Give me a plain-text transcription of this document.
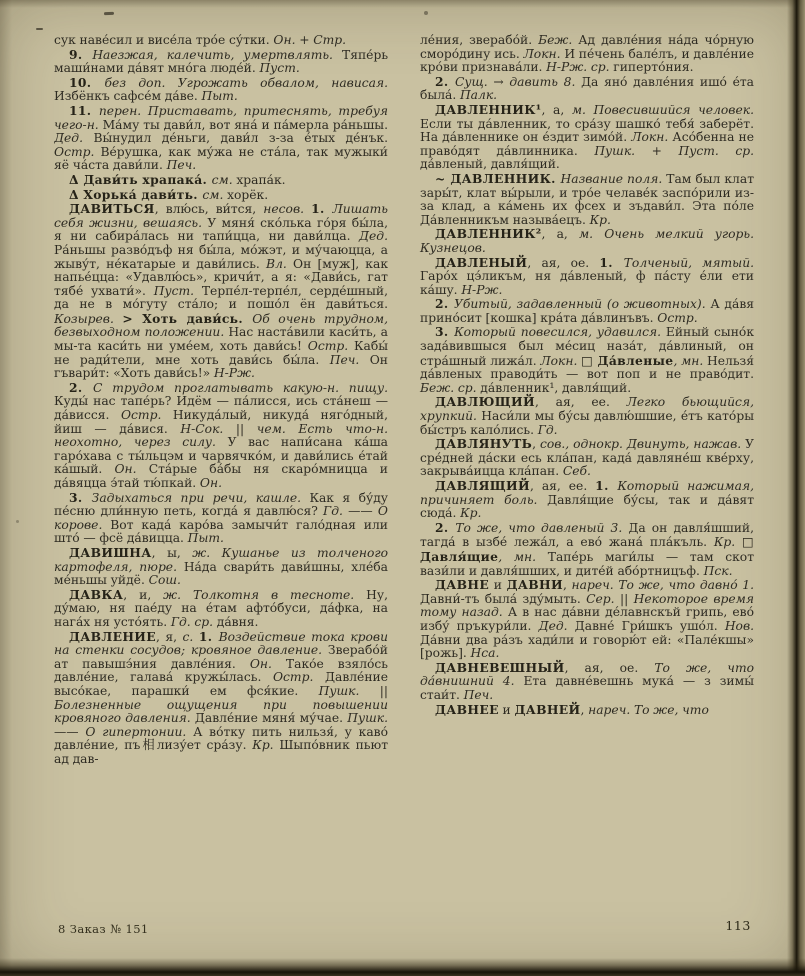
сук наве́сил и висе́ла тро́е су́тки. Он. + Стр.

9. Наезжая, калечить, умертвлять. Тяпе́рь маши́нами да́вят мно́га люде́й. Пуст.

10. без доп. Угрожать обвалом, нависая. Избёнкъ сафсе́м да́ве. Пыт.

11. перен. Приставать, притеснять, требуя чего-н. Ма́му ты дави́л, вот яна́ и па́мерла ра́ньшы. Дед. Вы́нудил де́ньги, дави́л з-за е́тых де́нък. Остр. Ве́рушка, как му́жа не ста́ла, так мужыки́ яё ча́ста дави́ли. Печ.

Δ Дави́ть храпака́. см. храпа́к.

Δ Хорька́ дави́ть. см. хорёк.

ДАВИТЬСЯ, влю́сь, ви́тся, несов. 1. Лишать себя жизни, вешаясь. У мяня́ ско́лька го́ря бы́ла, я ни сабира́лась ни тапи́цца, ни дави́лца. Дед. Ра́ньшы разво́дъф ня бы́ла, мо́жэт, и му́чаюцца, а жыву́т, не́катарые и дави́лись. Вл. Он [муж], как напье́цца: «Удавлю́сь», кричи́т, а я: «Дави́сь, гат тябе́ ухвати́». Пуст. Терпе́л-терпе́л, серде́шный, да не в мо́гуту ста́ло; и пошо́л ён дави́ться. Козырев. > Хоть дави́сь. Об очень трудном, безвыходном положении. Нас наста́вили каси́ть, а мы-та каси́ть ни уме́ем, хоть дави́сь! Остр. Кабы́ не ради́тели, мне хоть дави́сь бы́ла. Печ. Он гъвари́т: «Хоть дави́сь!» Н-Рж.

2. С трудом проглатывать какую-н. пищу. Куды́ нас тапе́рь? Идём — па́лисся, ись ста́неш — да́висся. Остр. Никуда́лый, никуда́ няго́дный, йиш — да́вися. Н-Сок. || чем. Есть что-н. неохотно, через силу. У вас напи́сана ка́ша гаро́хава с ты́льцэм и чарвячко́м, и дави́лись е́тай ка́шый. Он. Ста́рые ба́бы ня скаро́мницца и да́вяцца э́тай тю́пкай. Он.

3. Задыхаться при речи, кашле. Как я бу́ду пе́сню дли́нную петь, когда́ я давлю́ся? Гд. —— О корове. Вот када́ каро́ва замычи́т гало́дная или што́ — фсё да́вицца. Пыт.

ДАВИШНА, ы, ж. Кушанье из толченого картофеля, пюре. На́да свари́ть дави́шны, хле́ба ме́ньшы уйдё. Сош.

ДАВКА, и, ж. Толкотня в тесноте. Ну, ду́маю, ня пае́ду на е́там афто́буси, да́фка, на нага́х ня усто́ять. Гд. ср. да́вня.

ДАВЛЕНИЕ, я, с. 1. Воздействие тока крови на стенки сосудов; кровяное давление. Зверабо́й ат павышэ́ния давле́ния. Он. Тако́е взяло́сь давле́ние, галава́ кружы́лась. Остр. Давле́ние высо́кае, парашки́ ем фся́кие. Пушк. || Болезненные ощущения при повышении кровяного давления. Давле́ние мяня́ му́чае. Пушк. —— О гипертонии. А во́тку пить нильзя́, у каво́ давле́ние, пъ相лизу́ет сра́зу. Кр. Шыпо́вник пьют ад дав-

ле́ния, зверабо́й. Беж. Ад давле́ния на́да чо́рную сморо́дину ись. Локн. И пе́чень бале́лъ, и давле́ние кро́ви признава́ли. Н-Рж. ср. гиперто́ния.

2. Сущ. → давить 8. Да яно́ давле́ния ишо́ е́та была́. Палк.

ДАВЛЕННИК¹, а, м. Повесившийся человек. Если ты да́вленник, то сра́зу шашко́ тебя́ заберёт. На да́вленнике он е́здит зимо́й. Локн. Асо́бенна не право́дят да́влинника. Пушк. + Пуст. ср. да́вленый, давля́щий.

~ ДАВЛЕННИК. Название поля. Там был клат зары́т, клат вы́рыли, и тро́е челаве́к заспо́рили из-за клад, а ка́мень их фсех и зъдави́л. Эта по́ле Да́вленникъм называ́ецъ. Кр.

ДАВЛЕННИК², а, м. Очень мелкий угорь. Кузнецов.

ДАВЛЕНЫЙ, ая, ое. 1. Толченый, мятый. Гаро́х цэ́ликъм, ня да́вленый, ф па́сту е́ли ети ка́шу. Н-Рж.

2. Убитый, задавленный (о животных). А да́вя прино́сит [кошка] кра́та да́влинъвъ. Остр.

3. Который повесился, удавился. Ейный сыно́к зада́вившыся был ме́сиц наза́т, да́влиный, он стра́шный лижа́л. Локн. □ Да́вленые, мн. Нельзя́ да́вленых праводи́ть — вот поп и не право́дит. Беж. ср. да́вленник¹, давля́щий.

ДАВЛЮЩИЙ, ая, ее. Легко бьющийся, хрупкий. Наси́ли мы бу́сы давлю́шшие, е́тъ като́ры бы́стръ кало́лись. Гд.

ДАВЛЯНУТЬ, сов., однокр. Двинуть, нажав. У сре́дней да́ски есь кла́пан, када́ давляне́ш кве́рху, закрыва́ицца кла́пан. Себ.

ДАВЛЯЩИЙ, ая, ее. 1. Который нажимая, причиняет боль. Давля́щие бу́сы, так и да́вят сюда́. Кр.

2. То же, что давленый 3. Да он давля́шший, тагда́ в ызбе́ лежа́л, а ево́ жана́ пла́къль. Кр. □ Давля́щие, мн. Тапе́рь маги́лы — там скот вази́ли и давля́шших, и дите́й або́ртницъф. Пск.

ДАВНЕ и ДАВНИ, нареч. То же, что давно́ 1. Давни́-тъ была́ зду́мыть. Сер. || Некоторое время тому назад. А в нас да́вни де́лавнскъй грипь, ево́ избу́ пръкури́ли. Дед. Давне́ Гри́шкъ ушо́л. Нов. Да́вни два ра́зъ хади́ли и говорю́т ей: «Пале́кшы» [рожь]. Нса.

ДАВНЕВЕШНЫЙ, ая, ое. То же, что да́внишний 4. Ета давне́вешнь мука́ — з зимы́ стаи́т. Печ.

ДАВНЕЕ и ДАВНЕЙ, нареч. То же, что

8 Заказ № 151	113
